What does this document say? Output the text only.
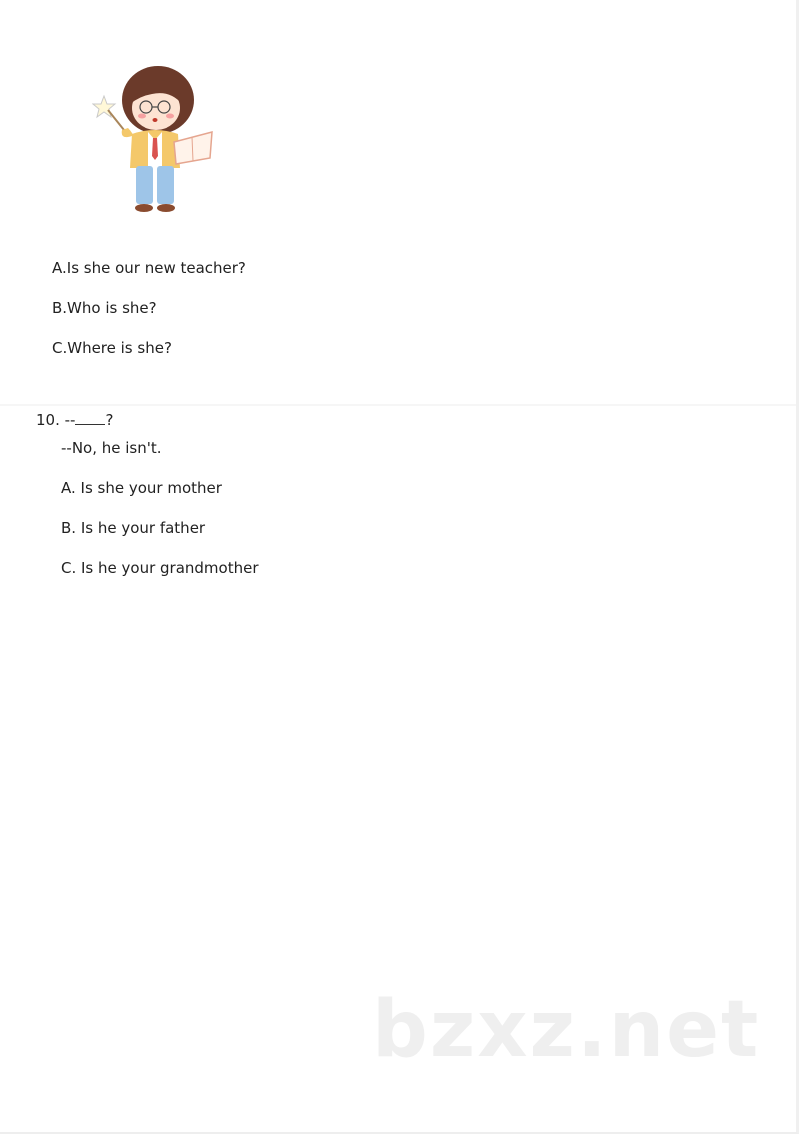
A.Is she our new teacher?
B.Who is she?
C.Where is she?
10. -- ?
--No, he isn't.
A. Is she your mother
B. Is he your father
C. Is he your grandmother
bzxz.net
